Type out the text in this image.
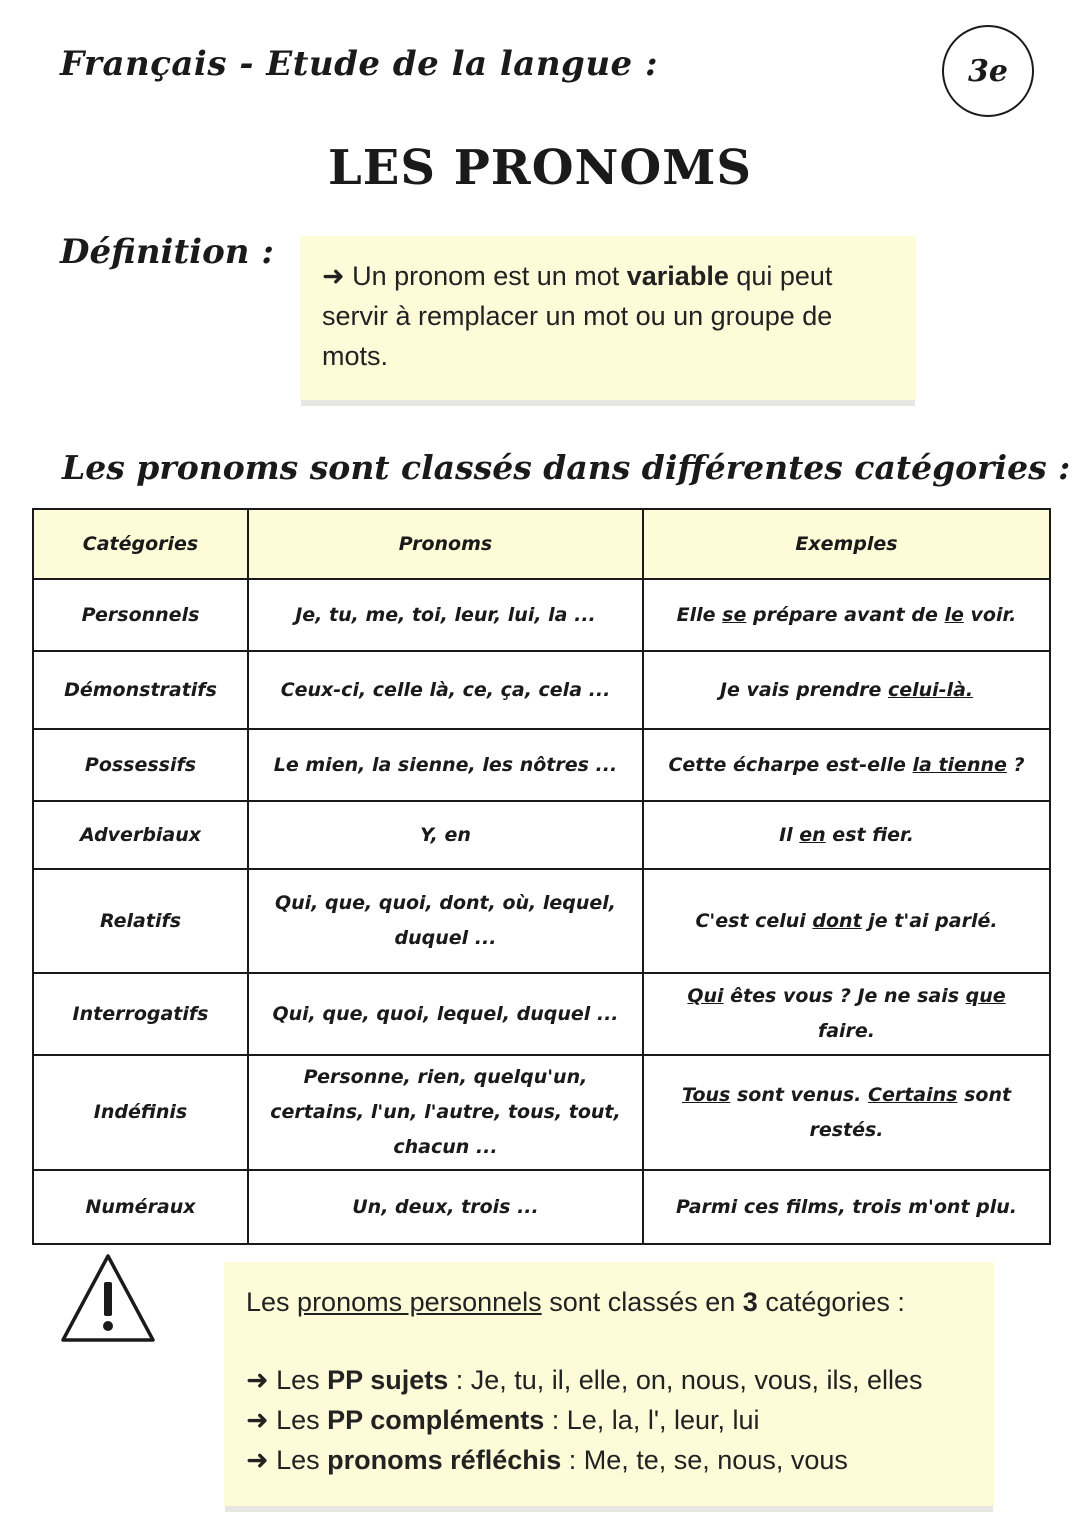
Français - Etude de la langue :	3e
LES PRONOMS
Définition :
➜ Un pronom est un mot variable qui peut servir à remplacer un mot ou un groupe de mots.
Les pronoms sont classés dans différentes catégories :
Catégories	Pronoms	Exemples
Personnels	Je, tu, me, toi, leur, lui, la ...	Elle se prépare avant de le voir.
Démonstratifs	Ceux-ci, celle là, ce, ça, cela ...	Je vais prendre celui-là.
Possessifs	Le mien, la sienne, les nôtres ...	Cette écharpe est-elle la tienne ?
Adverbiaux	Y, en	Il en est fier.
Relatifs	Qui, que, quoi, dont, où, lequel, duquel ...	C'est celui dont je t'ai parlé.
Interrogatifs	Qui, que, quoi, lequel, duquel ...	Qui êtes vous ? Je ne sais que faire.
Indéfinis	Personne, rien, quelqu'un, certains, l'un, l'autre, tous, tout, chacun ...	Tous sont venus. Certains sont restés.
Numéraux	Un, deux, trois ...	Parmi ces films, trois m'ont plu.
Les pronoms personnels sont classés en 3 catégories :
➜ Les PP sujets : Je, tu, il, elle, on, nous, vous, ils, elles
➜ Les PP compléments : Le, la, l', leur, lui
➜ Les pronoms réfléchis : Me, te, se, nous, vous
